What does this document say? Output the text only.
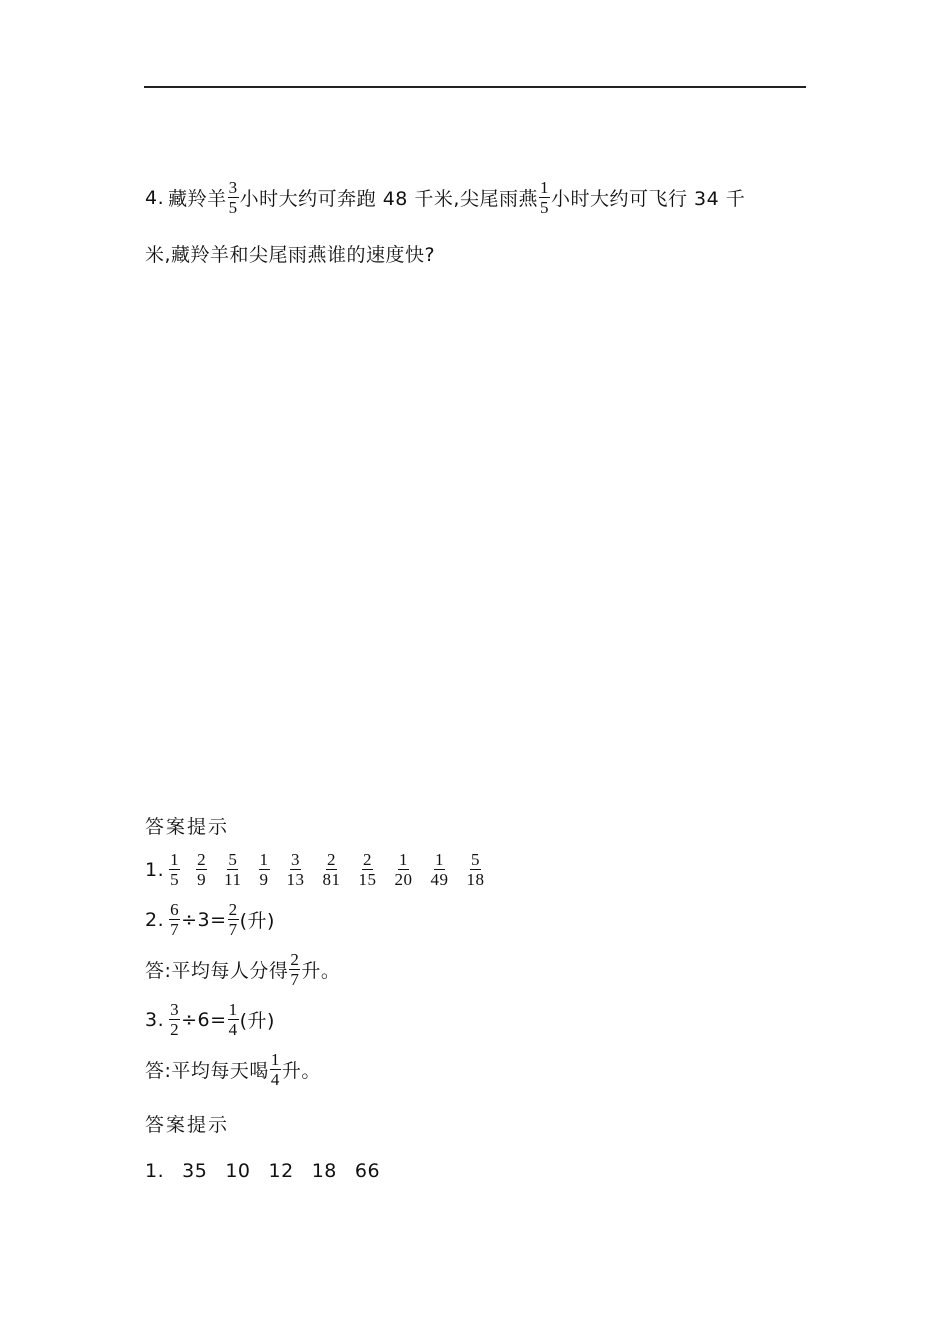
4. 藏羚羊 $\frac{3}{5}$ 小时大约可奔跑 48 千米,尖尾雨燕 $\frac{1}{5}$ 小时大约可飞行 34 千
米,藏羚羊和尖尾雨燕谁的速度快?
答案提示
1. $\frac{1}{5} \frac{2}{9} \frac{5}{11} \frac{1}{9} \frac{3}{13} \frac{2}{81} \frac{2}{15} \frac{1}{20} \frac{1}{49} \frac{5}{18}$
2. $\frac{6}{7} \div 3= \frac{2}{7}$ (升)
答:平均每人分得 $\frac{2}{7}$ 升。
3. $\frac{3}{2} \div 6= \frac{1}{4}$ (升)
答:平均每天喝 $\frac{1}{4}$ 升。
答案提示
1. 35 10 12 18 66
